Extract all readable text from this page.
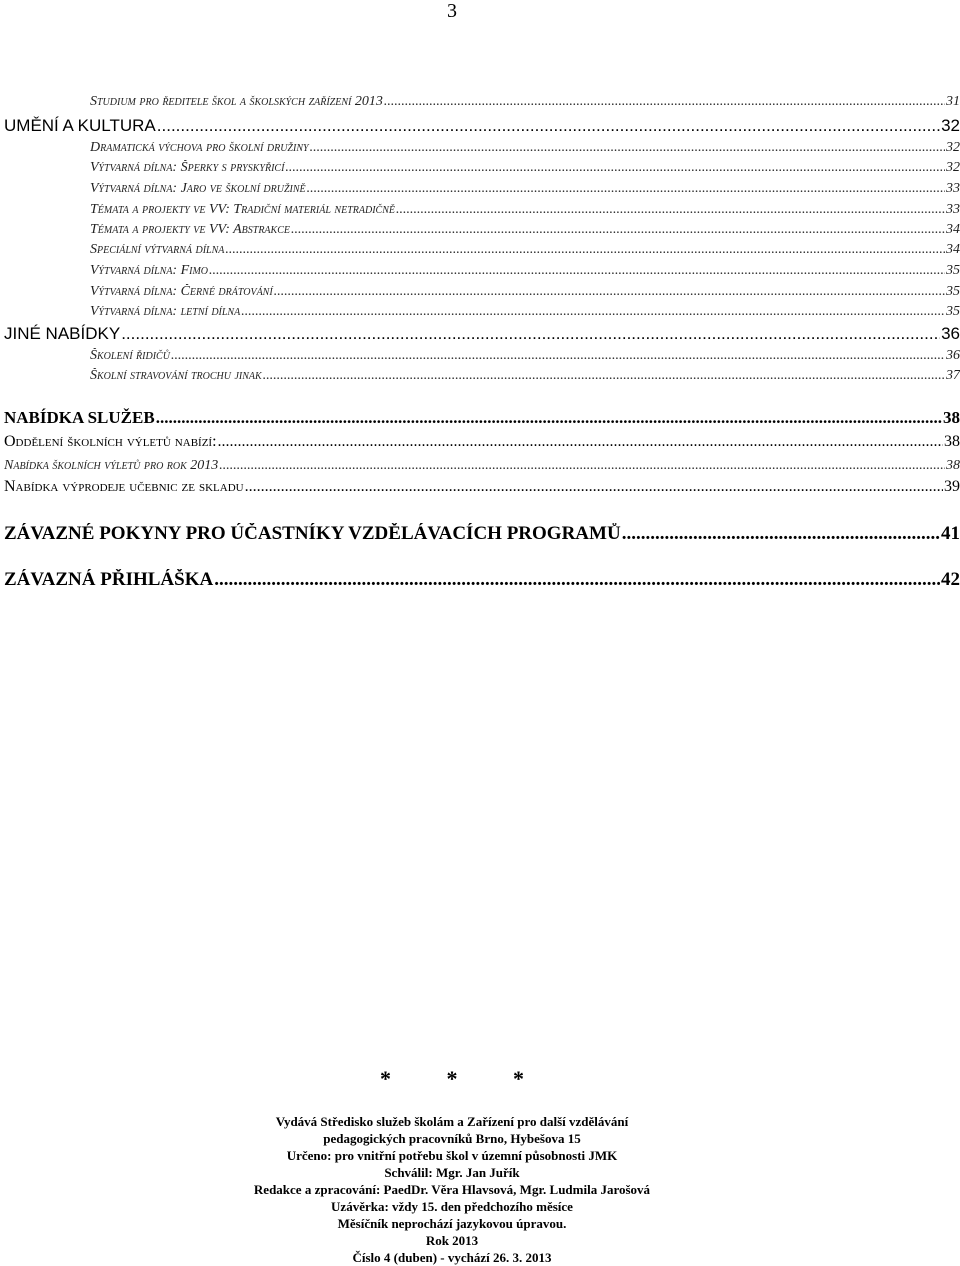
3
Studium pro ředitele škol a školských zařízení 2013 .....	31
UMĚNÍ A KULTURA .....	32
Dramatická výchova pro školní družiny .....	32
Výtvarná dílna: Šperky s pryskyřicí .....	32
Výtvarná dílna: Jaro ve školní družině .....	33
Témata a projekty ve VV: Tradiční materiál netradičně .....	33
Témata a projekty ve VV: Abstrakce .....	34
Speciální výtvarná dílna .....	34
Výtvarná dílna: Fimo .....	35
Výtvarná dílna: Černé drátování .....	35
Výtvarná dílna: letní dílna .....	35
JINÉ NABÍDKY .....	36
Školení řidičů .....	36
Školní stravování trochu jinak .....	37
NABÍDKA SLUŽEB .....	38
Oddělení školních výletů nabízí: .....	38
Nabídka školních výletů pro rok 2013 .....	38
Nabídka výprodeje učebnic ze skladu .....	39
ZÁVAZNÉ POKYNY PRO ÚČASTNÍKY VZDĚLÁVACÍCH PROGRAMŮ .....	41
ZÁVAZNÁ PŘIHLÁŠKA .....	42
* * *
Vydává Středisko služeb školám a Zařízení pro další vzdělávání
pedagogických pracovníků Brno, Hybešova 15
Určeno: pro vnitřní potřebu škol v územní působnosti JMK
Schválil: Mgr. Jan Juřík
Redakce a zpracování: PaedDr. Věra Hlavsová, Mgr. Ludmila Jarošová
Uzávěrka: vždy 15. den předchozího měsíce
Měsíčník neprochází jazykovou úpravou.
Rok 2013
Číslo 4 (duben) - vychází 26. 3. 2013
